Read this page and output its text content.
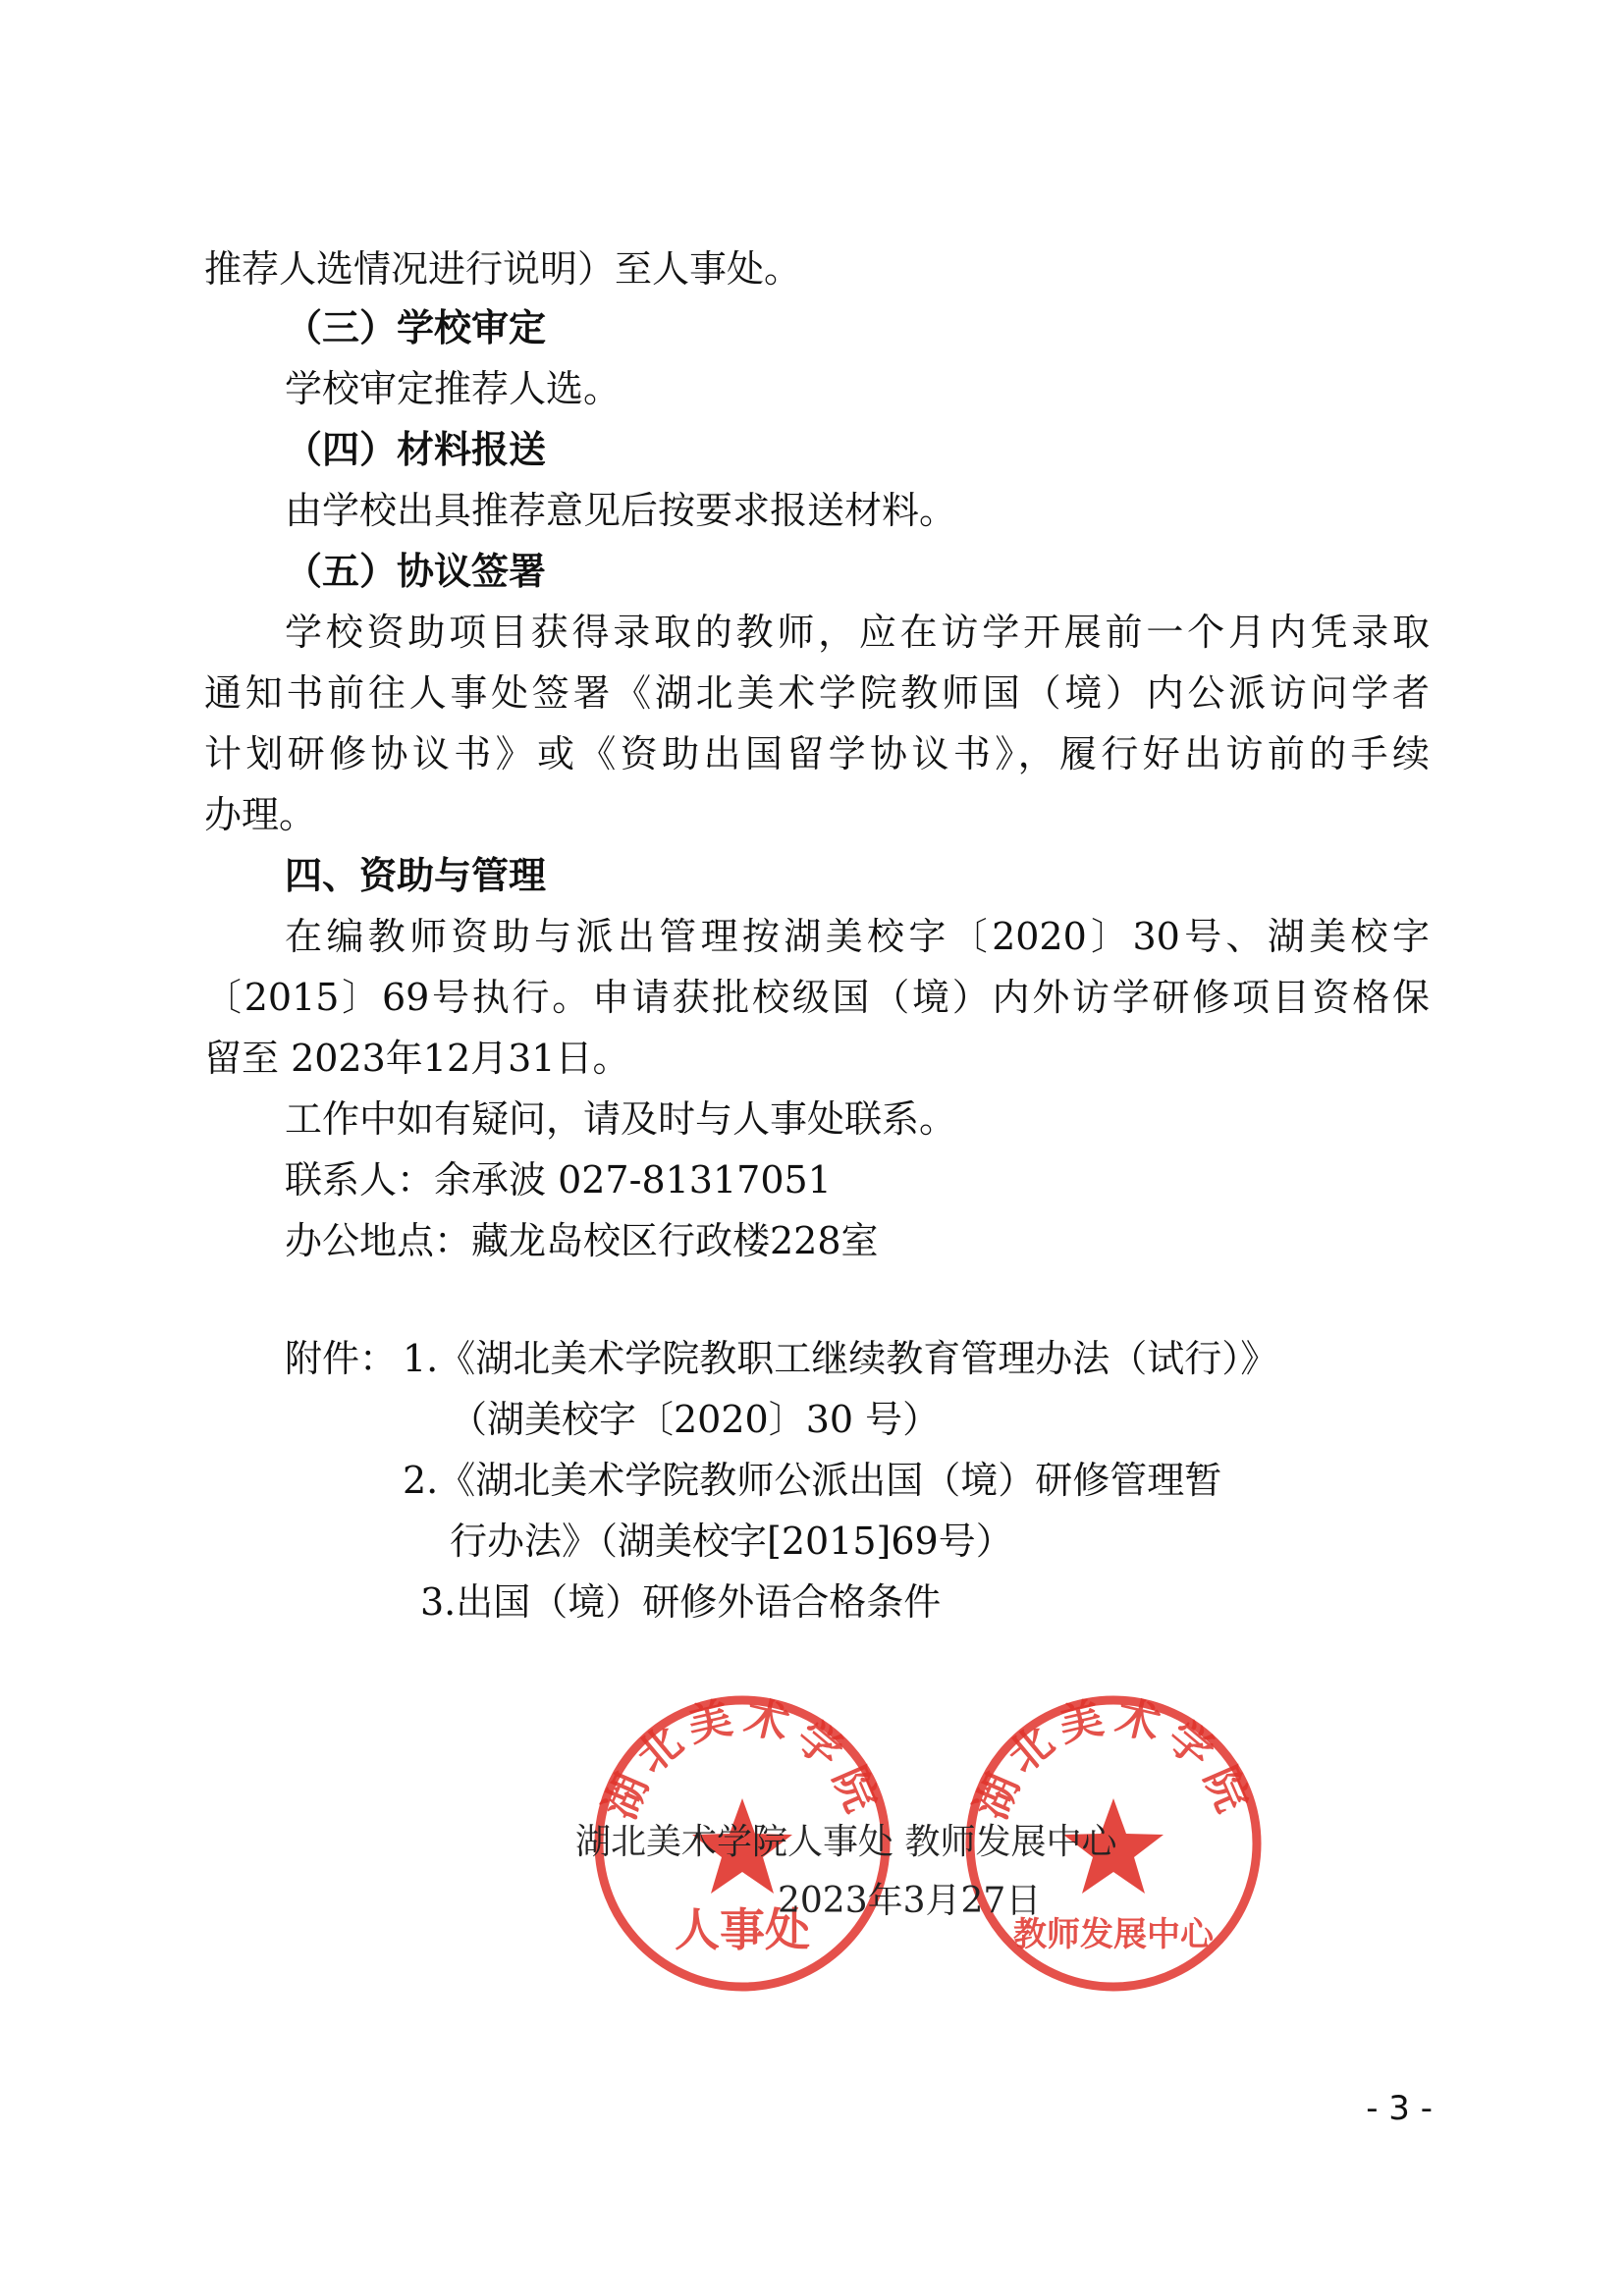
推荐人选情况进行说明）至人事处。
（三）学校审定
学校审定推荐人选。
（四）材料报送
由学校出具推荐意见后按要求报送材料。
（五）协议签署
学校资助项目获得录取的教师，应在访学开展前一个月内凭录取
通知书前往人事处签署《湖北美术学院教师国（境）内公派访问学者
计划研修协议书》或《资助出国留学协议书》，履行好出访前的手续
办理。
四、资助与管理
在编教师资助与派出管理按湖美校字〔2020〕30号、湖美校字
〔2015〕69号执行。申请获批校级国（境）内外访学研修项目资格保
留至 2023年12月31日。
工作中如有疑问，请及时与人事处联系。
联系人：余承波 027-81317051
办公地点：藏龙岛校区行政楼228室
附件： 1.《湖北美术学院教职工继续教育管理办法（试行）》
（湖美校字〔2020〕30 号）
2.《湖北美术学院教师公派出国（境）研修管理暂
行办法》（湖美校字[2015]69号）
3.出国（境）研修外语合格条件
湖北美术学院
人事处
湖北美术学院
教师发展中心
湖北美术学院人事处 教师发展中心
2023年3月27日
- 3 -
